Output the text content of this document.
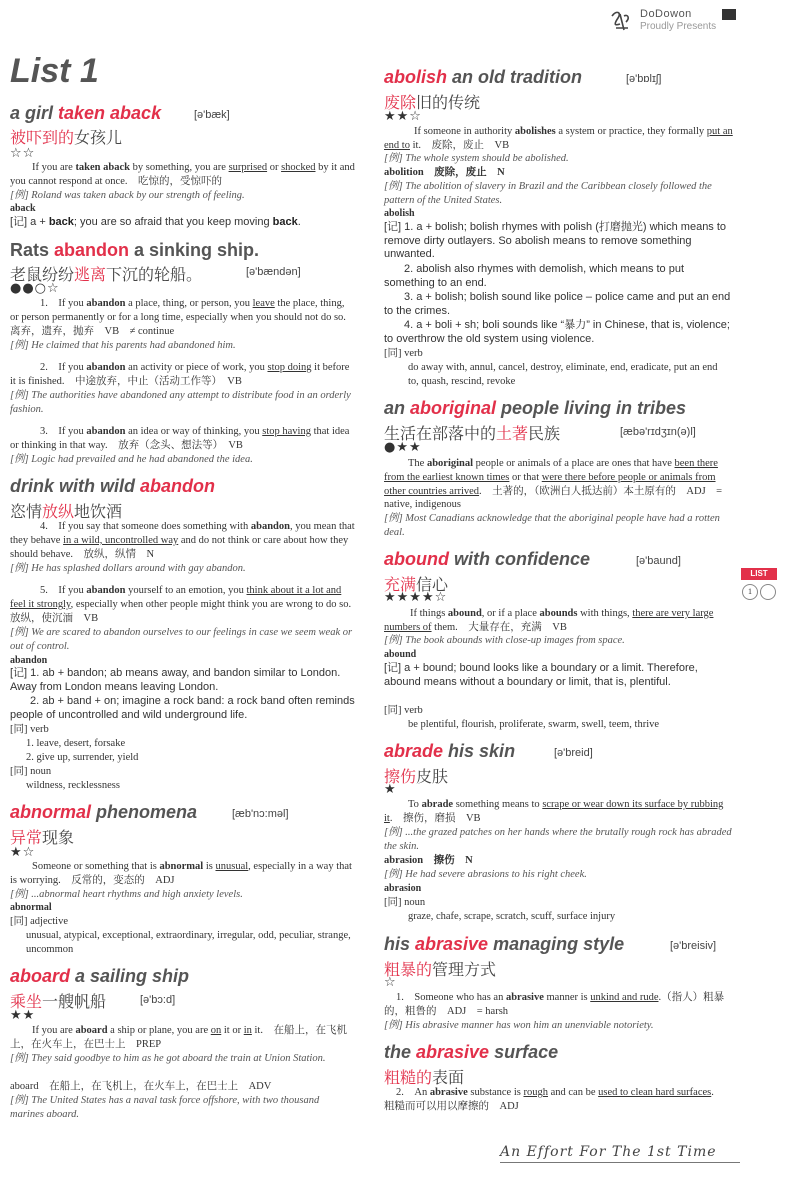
DoDowon
Proudly Presents
LIST
1
List 1
a girl taken aback	[ə'bæk]
被吓到的女孩儿
☆☆
If you are taken aback by something, you are surprised or shocked by it and you cannot respond at once.　吃惊的，受惊吓的
[例] Roland was taken aback by our strength of feeling.
aback
[记] a + back; you are so afraid that you keep moving back.
Rats abandon a sinking ship.
老鼠纷纷逃离下沉的轮船。	[ə'bændən]
●●○☆
1.　If you abandon a place, thing, or person, you leave the place, thing, or person permanently or for a long time, especially when you should not do so.　离弃，遗弃，抛弃　VB　≠ continue
[例] He claimed that his parents had abandoned him.
2.　If you abandon an activity or piece of work, you stop doing it before it is finished.　中途放弃，中止（活动工作等）　VB
[例] The authorities have abandoned any attempt to distribute food in an orderly fashion.
3.　If you abandon an idea or way of thinking, you stop having that idea or thinking in that way.　放弃（念头、想法等）　VB
[例] Logic had prevailed and he had abandoned the idea.
drink with wild abandon
恣情放纵地饮酒
4.　If you say that someone does something with abandon, you mean that they behave in a wild, uncontrolled way and do not think or care about how they should behave.　放纵，纵情　N
[例] He has splashed dollars around with gay abandon.
5.　If you abandon yourself to an emotion, you think about it a lot and feel it strongly, especially when other people might think you are wrong to do so.　放纵，使沉湎　VB
[例] We are scared to abandon ourselves to our feelings in case we seem weak or out of control.
abandon
[记] 1. ab + bandon; ab means away, and bandon similar to London. Away from London means leaving London.
2. ab + band + on; imagine a rock band: a rock band often reminds people of uncontrolled and wild underground life.
[同] verb
1. leave, desert, forsake
2. give up, surrender, yield
[同] noun
wildness, recklessness
abnormal phenomena	[æb'nɔ:məl]
异常现象
★☆
Someone or something that is abnormal is unusual, especially in a way that is worrying.　反常的，变态的　ADJ
[例] ...abnormal heart rhythms and high anxiety levels.
abnormal
[同] adjective
unusual, atypical, exceptional, extraordinary, irregular, odd, peculiar, strange, uncommon
aboard a sailing ship
乘坐一艘帆船	[ə'bɔ:d]
★★
If you are aboard a ship or plane, you are on it or in it.　在船上，在飞机上，在火车上，在巴士上　PREP
[例] They said goodbye to him as he got aboard the train at Union Station.
aboard　在船上，在飞机上，在火车上，在巴士上　ADV
[例] The United States has a naval task force offshore, with two thousand marines aboard.
abolish an old tradition	[ə'bɒlɪʃ]
废除旧的传统
★★☆
If someone in authority abolishes a system or practice, they formally put an end to it.　废除，废止　VB
[例] The whole system should be abolished.
abolition　废除，废止　N
[例] The abolition of slavery in Brazil and the Caribbean closely followed the pattern of the United States.
abolish
[记] 1. a + bolish; bolish rhymes with polish (打磨抛光) which means to remove dirty outlayers. So abolish means to remove something unwanted.
2. abolish also rhymes with demolish, which means to put something to an end.
3. a + bolish; bolish sound like police – police came and put an end to the crimes.
4. a + boli + sh; boli sounds like “暴力” in Chinese, that is, violence; to overthrow the old system using violence.
[同] verb
do away with, annul, cancel, destroy, eliminate, end, eradicate, put an end to, quash, rescind, revoke
an aboriginal people living in tribes
生活在部落中的土著民族	[æbə'rɪdʒɪn(ə)l]
●★★
The aboriginal people or animals of a place are ones that have been there from the earliest known times or that were there before people or animals from other countries arrived.　土著的，（欧洲白人抵达前）本土原有的　ADJ　= native, indigenous
[例] Most Canadians acknowledge that the aboriginal people have had a rotten deal.
abound with confidence	[ə'baund]
充满信心
★★★★☆
If things abound, or if a place abounds with things, there are very large numbers of them.　大量存在，充满　VB
[例] The book abounds with close-up images from space.
abound
[记] a + bound; bound looks like a boundary or a limit. Therefore, abound means without a boundary or limit, that is, plentiful.
[同] verb
be plentiful, flourish, proliferate, swarm, swell, teem, thrive
abrade his skin	[ə'breid]
擦伤皮肤
★
To abrade something means to scrape or wear down its surface by rubbing it.　擦伤，磨损　VB
[例] ...the grazed patches on her hands where the brutally rough rock has abraded the skin.
abrasion　擦伤　N
[例] He had severe abrasions to his right cheek.
abrasion
[同] noun
graze, chafe, scrape, scratch, scuff, surface injury
his abrasive managing style	[ə'breisiv]
粗暴的管理方式
☆
1.　Someone who has an abrasive manner is unkind and rude.（指人）粗暴的，粗鲁的　ADJ　= harsh
[例] His abrasive manner has won him an unenviable notoriety.
the abrasive surface
粗糙的表面
2.　An abrasive substance is rough and can be used to clean hard surfaces.　粗糙而可以用以摩擦的　ADJ
An Effort For The 1st Time
